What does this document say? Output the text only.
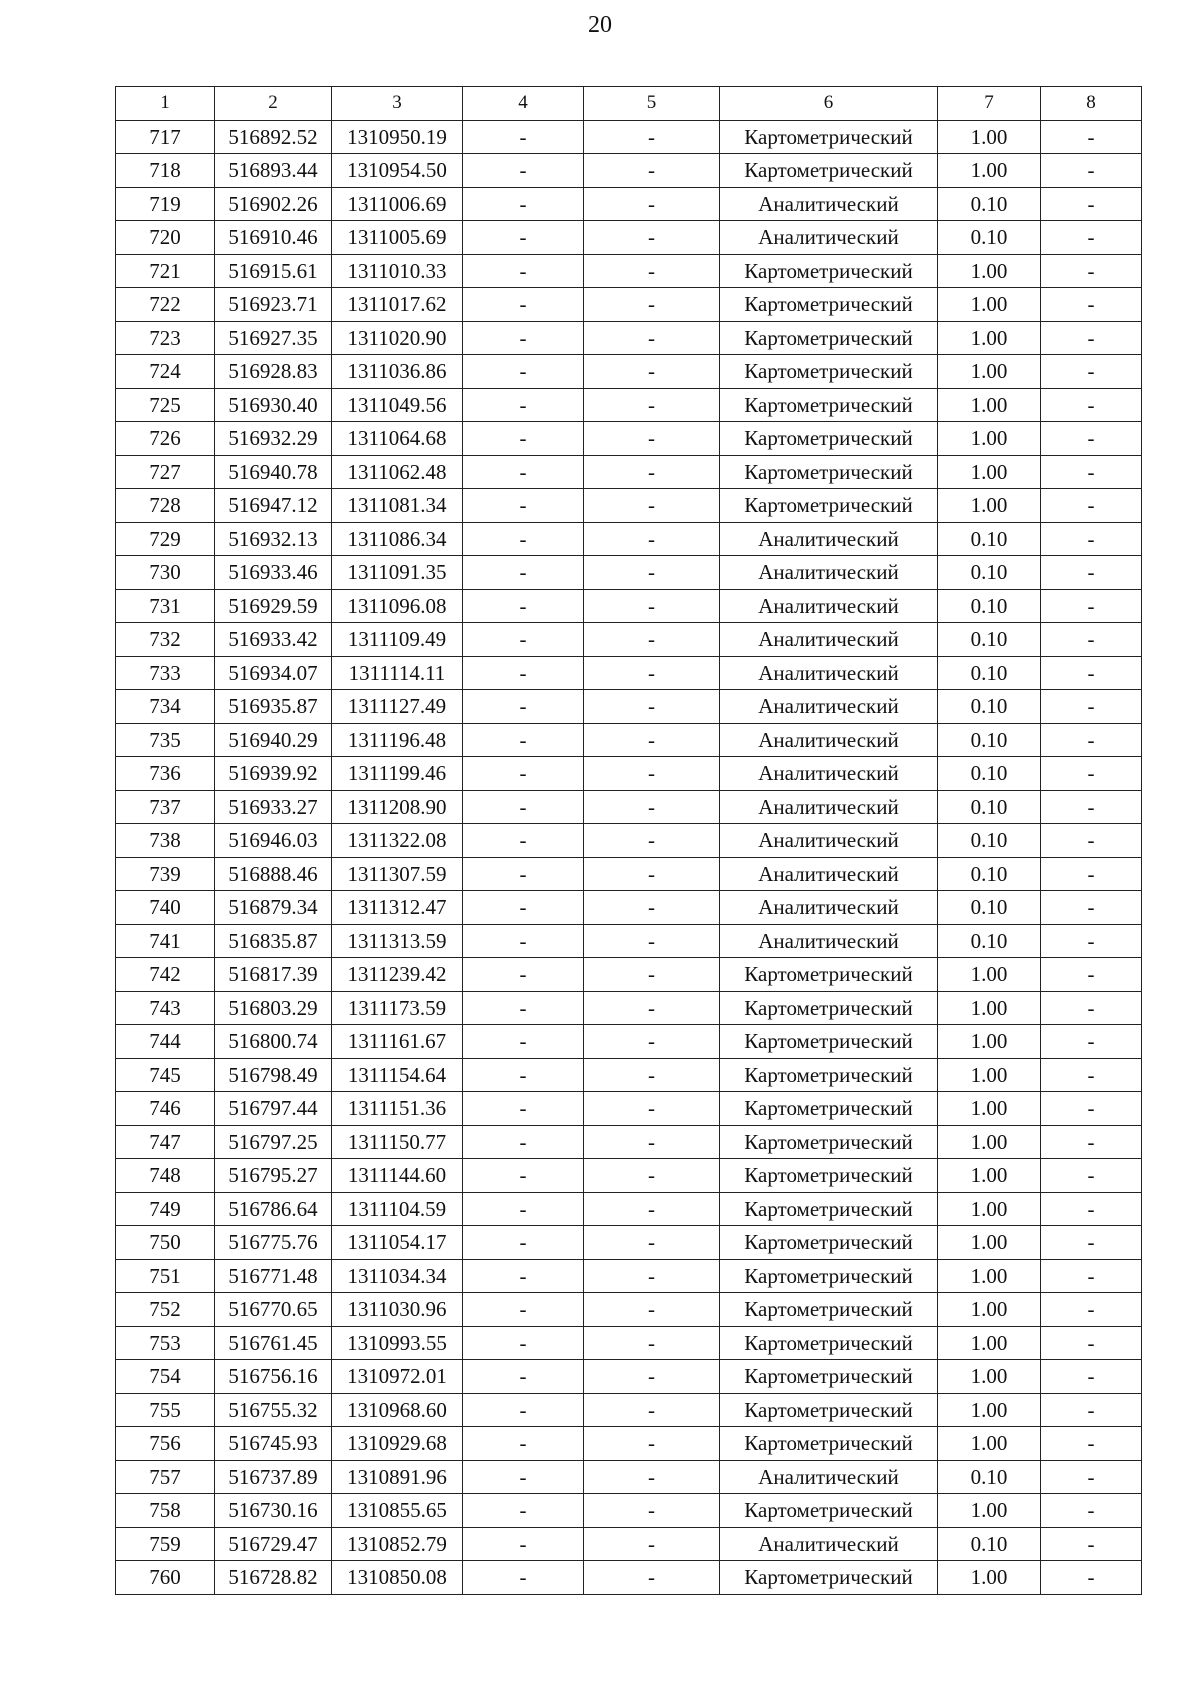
20
1	2	3	4	5	6	7	8
717	516892.52	1310950.19	-	-	Картометрический	1.00	-
718	516893.44	1310954.50	-	-	Картометрический	1.00	-
719	516902.26	1311006.69	-	-	Аналитический	0.10	-
720	516910.46	1311005.69	-	-	Аналитический	0.10	-
721	516915.61	1311010.33	-	-	Картометрический	1.00	-
722	516923.71	1311017.62	-	-	Картометрический	1.00	-
723	516927.35	1311020.90	-	-	Картометрический	1.00	-
724	516928.83	1311036.86	-	-	Картометрический	1.00	-
725	516930.40	1311049.56	-	-	Картометрический	1.00	-
726	516932.29	1311064.68	-	-	Картометрический	1.00	-
727	516940.78	1311062.48	-	-	Картометрический	1.00	-
728	516947.12	1311081.34	-	-	Картометрический	1.00	-
729	516932.13	1311086.34	-	-	Аналитический	0.10	-
730	516933.46	1311091.35	-	-	Аналитический	0.10	-
731	516929.59	1311096.08	-	-	Аналитический	0.10	-
732	516933.42	1311109.49	-	-	Аналитический	0.10	-
733	516934.07	1311114.11	-	-	Аналитический	0.10	-
734	516935.87	1311127.49	-	-	Аналитический	0.10	-
735	516940.29	1311196.48	-	-	Аналитический	0.10	-
736	516939.92	1311199.46	-	-	Аналитический	0.10	-
737	516933.27	1311208.90	-	-	Аналитический	0.10	-
738	516946.03	1311322.08	-	-	Аналитический	0.10	-
739	516888.46	1311307.59	-	-	Аналитический	0.10	-
740	516879.34	1311312.47	-	-	Аналитический	0.10	-
741	516835.87	1311313.59	-	-	Аналитический	0.10	-
742	516817.39	1311239.42	-	-	Картометрический	1.00	-
743	516803.29	1311173.59	-	-	Картометрический	1.00	-
744	516800.74	1311161.67	-	-	Картометрический	1.00	-
745	516798.49	1311154.64	-	-	Картометрический	1.00	-
746	516797.44	1311151.36	-	-	Картометрический	1.00	-
747	516797.25	1311150.77	-	-	Картометрический	1.00	-
748	516795.27	1311144.60	-	-	Картометрический	1.00	-
749	516786.64	1311104.59	-	-	Картометрический	1.00	-
750	516775.76	1311054.17	-	-	Картометрический	1.00	-
751	516771.48	1311034.34	-	-	Картометрический	1.00	-
752	516770.65	1311030.96	-	-	Картометрический	1.00	-
753	516761.45	1310993.55	-	-	Картометрический	1.00	-
754	516756.16	1310972.01	-	-	Картометрический	1.00	-
755	516755.32	1310968.60	-	-	Картометрический	1.00	-
756	516745.93	1310929.68	-	-	Картометрический	1.00	-
757	516737.89	1310891.96	-	-	Аналитический	0.10	-
758	516730.16	1310855.65	-	-	Картометрический	1.00	-
759	516729.47	1310852.79	-	-	Аналитический	0.10	-
760	516728.82	1310850.08	-	-	Картометрический	1.00	-
